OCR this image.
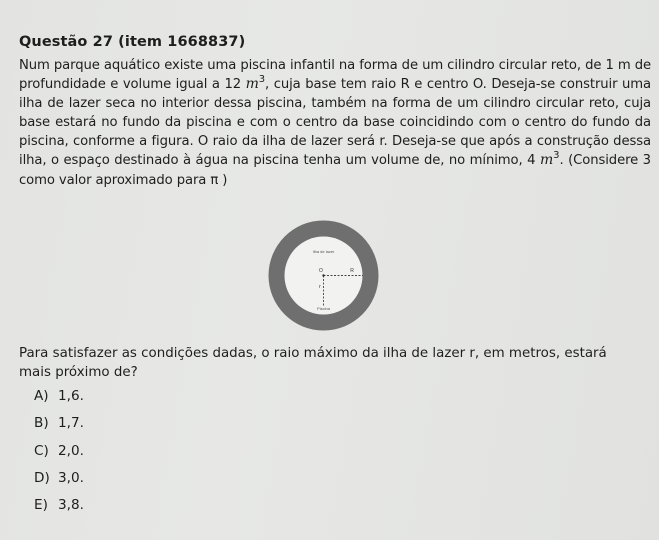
Questão 27 (item 1668837)
Num parque aquático existe uma piscina infantil na forma de um cilindro circular reto, de 1 m de profundidade e volume igual a 12 $m^3$, cuja base tem raio R e centro O. Deseja-se construir uma ilha de lazer seca no interior dessa piscina, também na forma de um cilindro circular reto, cuja base estará no fundo da piscina e com o centro da base coincidindo com o centro do fundo da piscina, conforme a figura. O raio da ilha de lazer será r. Deseja-se que após a construção dessa ilha, o espaço destinado à água na piscina tenha um volume de, no mínimo, 4 $m^3$. (Considere 3 como valor aproximado para π )
Ilha de lazer
O	R
r
Piscina
Para satisfazer as condições dadas, o raio máximo da ilha de lazer r, em metros, estará mais próximo de?
A) 1,6.
B) 1,7.
C) 2,0.
D) 3,0.
E) 3,8.
